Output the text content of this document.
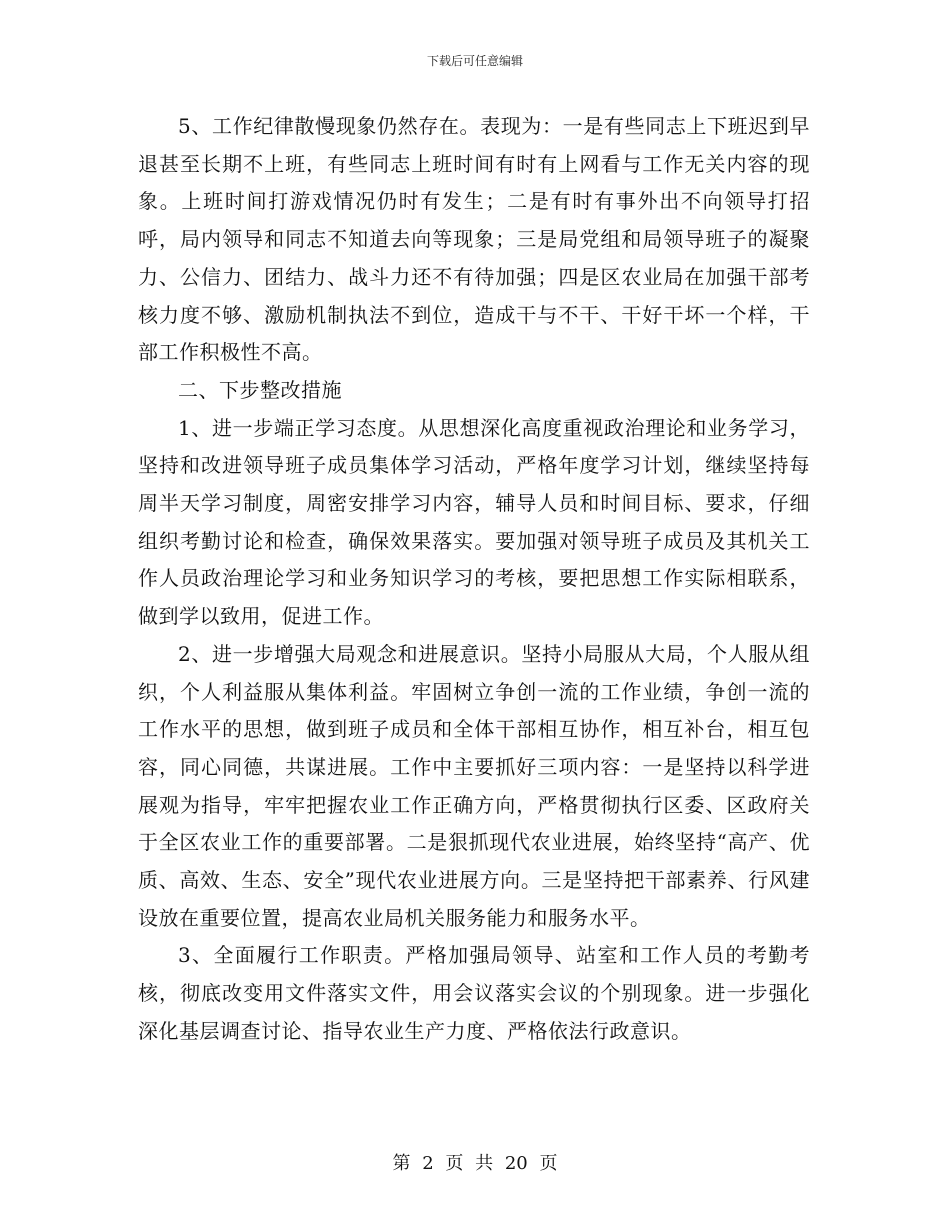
下载后可任意编辑

5、工作纪律散慢现象仍然存在。表现为：一是有些同志上下班迟到早退甚至长期不上班，有些同志上班时间有时有上网看与工作无关内容的现象。上班时间打游戏情况仍时有发生；二是有时有事外出不向领导打招呼，局内领导和同志不知道去向等现象；三是局党组和局领导班子的凝聚力、公信力、团结力、战斗力还不有待加强；四是区农业局在加强干部考核力度不够、激励机制执法不到位，造成干与不干、干好干坏一个样，干部工作积极性不高。

二、下步整改措施

1、进一步端正学习态度。从思想深化高度重视政治理论和业务学习，坚持和改进领导班子成员集体学习活动，严格年度学习计划，继续坚持每周半天学习制度，周密安排学习内容，辅导人员和时间目标、要求，仔细组织考勤讨论和检查，确保效果落实。要加强对领导班子成员及其机关工作人员政治理论学习和业务知识学习的考核，要把思想工作实际相联系，做到学以致用，促进工作。

2、进一步增强大局观念和进展意识。坚持小局服从大局，个人服从组织，个人利益服从集体利益。牢固树立争创一流的工作业绩，争创一流的工作水平的思想，做到班子成员和全体干部相互协作，相互补台，相互包容，同心同德，共谋进展。工作中主要抓好三项内容：一是坚持以科学进展观为指导，牢牢把握农业工作正确方向，严格贯彻执行区委、区政府关于全区农业工作的重要部署。二是狠抓现代农业进展，始终坚持“高产、优质、高效、生态、安全”现代农业进展方向。三是坚持把干部素养、行风建设放在重要位置，提高农业局机关服务能力和服务水平。

3、全面履行工作职责。严格加强局领导、站室和工作人员的考勤考核，彻底改变用文件落实文件，用会议落实会议的个别现象。进一步强化深化基层调查讨论、指导农业生产力度、严格依法行政意识。

第 2 页 共 20 页
